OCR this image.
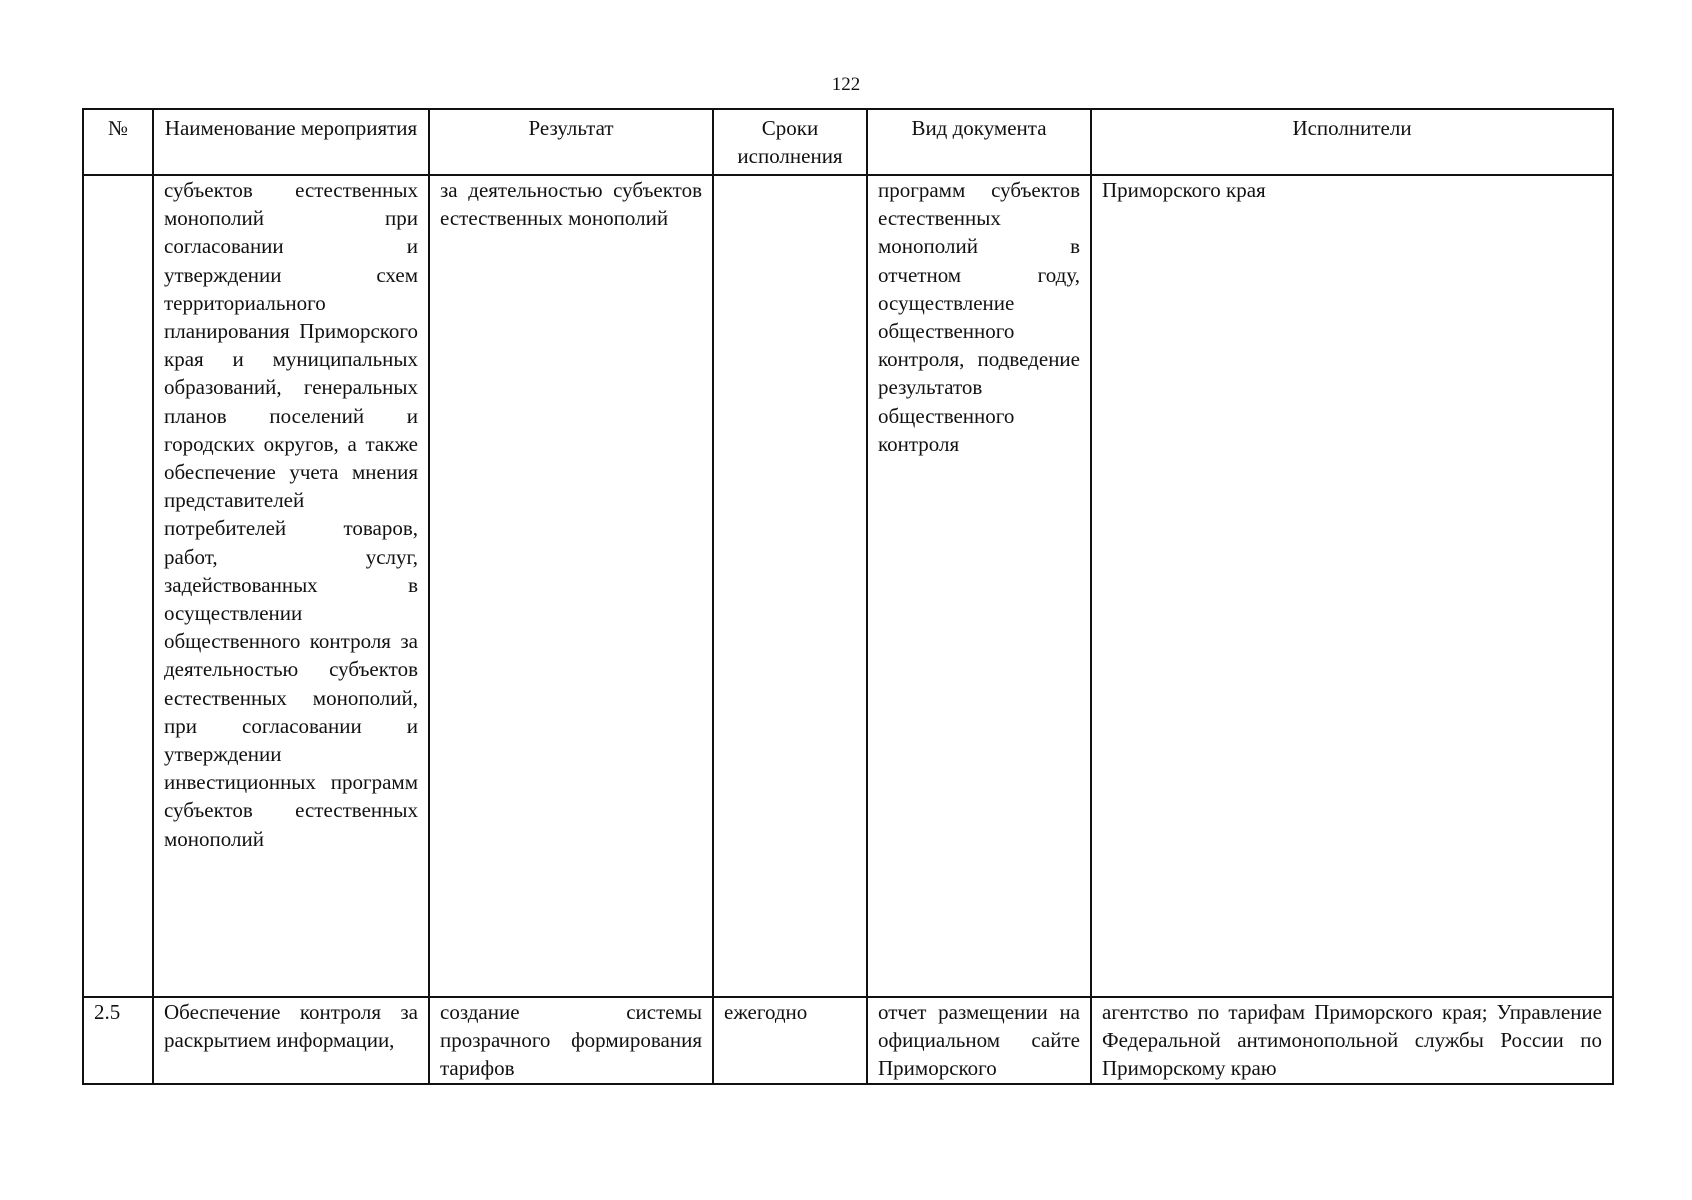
122
№	Наименование мероприятия	Результат	Сроки исполнения	Вид документа	Исполнители
	субъектов естественных монополий при согласовании и утверждении схем территориального планирования Приморского края и муниципальных образований, генеральных планов поселений и городских округов, а также обеспечение учета мнения представителей потребителей товаров, работ, услуг, задействованных в осуществлении общественного контроля за деятельностью субъектов естественных монополий, при согласовании и утверждении инвестиционных программ субъектов естественных монополий	за деятельностью субъектов естественных монополий		программ субъектов естественных монополий в отчетном году, осуществление общественного контроля, подведение результатов общественного контроля	Приморского края
2.5	Обеспечение контроля за раскрытием информации,	создание системы прозрачного формирования тарифов	ежегодно	отчет размещении на официальном сайте Приморского	агентство по тарифам Приморского края; Управление Федеральной антимонопольной службы России по Приморскому краю
